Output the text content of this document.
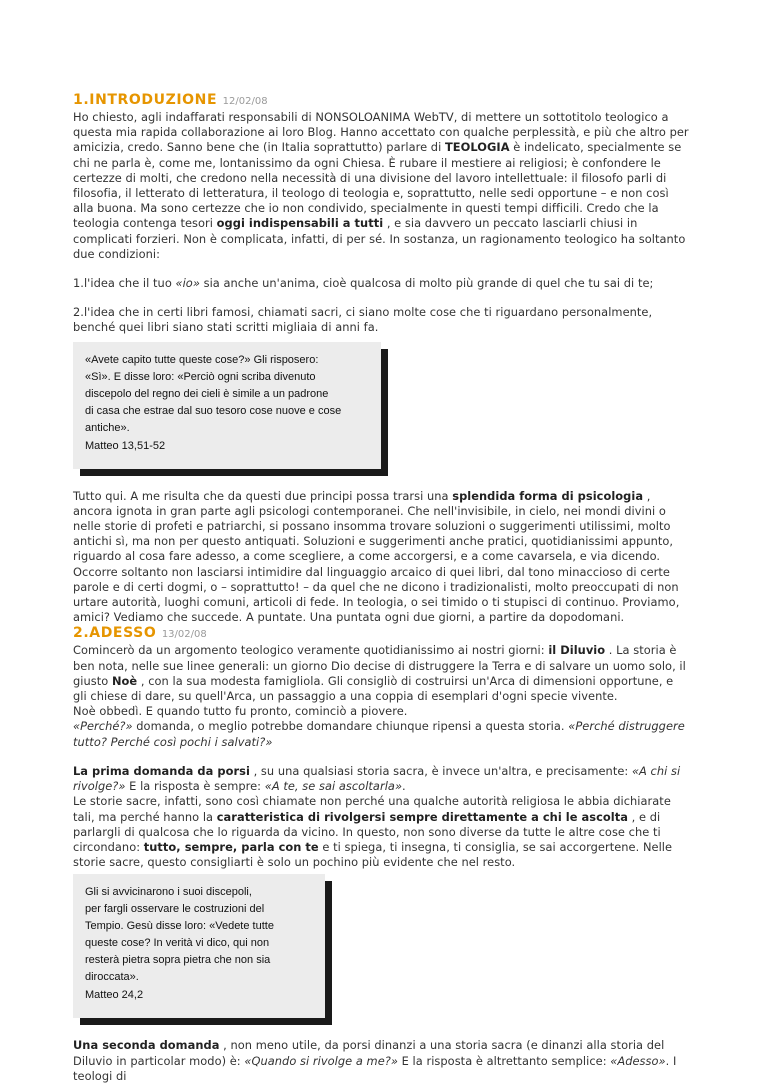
1.INTRODUZIONE 12/02/08

Ho chiesto, agli indaffarati responsabili di NONSOLOANIMA WebTV, di mettere un sottotitolo teologico a questa mia rapida collaborazione ai loro Blog. Hanno accettato con qualche perplessità, e più che altro per amicizia, credo. Sanno bene che (in Italia soprattutto) parlare di TEOLOGIA è indelicato, specialmente se chi ne parla è, come me, lontanissimo da ogni Chiesa. È rubare il mestiere ai religiosi; è confondere le certezze di molti, che credono nella necessità di una divisione del lavoro intellettuale: il filosofo parli di filosofia, il letterato di letteratura, il teologo di teologia e, soprattutto, nelle sedi opportune – e non così alla buona. Ma sono certezze che io non condivido, specialmente in questi tempi difficili. Credo che la teologia contenga tesori oggi indispensabili a tutti , e sia davvero un peccato lasciarli chiusi in complicati forzieri. Non è complicata, infatti, di per sé. In sostanza, un ragionamento teologico ha soltanto due condizioni:

1.l'idea che il tuo «io» sia anche un'anima, cioè qualcosa di molto più grande di quel che tu sai di te;

2.l'idea che in certi libri famosi, chiamati sacri, ci siano molte cose che ti riguardano personalmente, benché quei libri siano stati scritti migliaia di anni fa.

«Avete capito tutte queste cose?» Gli risposero:
«Sì». E disse loro: «Perciò ogni scriba divenuto
discepolo del regno dei cieli è simile a un padrone
di casa che estrae dal suo tesoro cose nuove e cose
antiche».
Matteo 13,51-52

Tutto qui. A me risulta che da questi due principi possa trarsi una splendida forma di psicologia , ancora ignota in gran parte agli psicologi contemporanei. Che nell'invisibile, in cielo, nei mondi divini o nelle storie di profeti e patriarchi, si possano insomma trovare soluzioni o suggerimenti utilissimi, molto antichi sì, ma non per questo antiquati. Soluzioni e suggerimenti anche pratici, quotidianissimi appunto, riguardo al cosa fare adesso, a come scegliere, a come accorgersi, e a come cavarsela, e via dicendo. Occorre soltanto non lasciarsi intimidire dal linguaggio arcaico di quei libri, dal tono minaccioso di certe parole e di certi dogmi, o – soprattutto! – da quel che ne dicono i tradizionalisti, molto preoccupati di non urtare autorità, luoghi comuni, articoli di fede. In teologia, o sei timido o ti stupisci di continuo. Proviamo, amici? Vediamo che succede. A puntate. Una puntata ogni due giorni, a partire da dopodomani.

2.ADESSO 13/02/08

Comincerò da un argomento teologico veramente quotidianissimo ai nostri giorni: il Diluvio . La storia è ben nota, nelle sue linee generali: un giorno Dio decise di distruggere la Terra e di salvare un uomo solo, il giusto Noè , con la sua modesta famigliola. Gli consigliò di costruirsi un'Arca di dimensioni opportune, e gli chiese di dare, su quell'Arca, un passaggio a una coppia di esemplari d'ogni specie vivente.

Noè obbedì. E quando tutto fu pronto, cominciò a piovere.

«Perché?» domanda, o meglio potrebbe domandare chiunque ripensi a questa storia. «Perché distruggere tutto? Perché così pochi i salvati?»

La prima domanda da porsi , su una qualsiasi storia sacra, è invece un'altra, e precisamente: «A chi si rivolge?» E la risposta è sempre: «A te, se sai ascoltarla».

Le storie sacre, infatti, sono così chiamate non perché una qualche autorità religiosa le abbia dichiarate tali, ma perché hanno la caratteristica di rivolgersi sempre direttamente a chi le ascolta , e di parlargli di qualcosa che lo riguarda da vicino. In questo, non sono diverse da tutte le altre cose che ti circondano: tutto, sempre, parla con te e ti spiega, ti insegna, ti consiglia, se sai accorgertene. Nelle storie sacre, questo consigliarti è solo un pochino più evidente che nel resto.

Gli si avvicinarono i suoi discepoli,
per fargli osservare le costruzioni del
Tempio. Gesù disse loro: «Vedete tutte
queste cose? In verità vi dico, qui non
resterà pietra sopra pietra che non sia
diroccata».
Matteo 24,2

Una seconda domanda , non meno utile, da porsi dinanzi a una storia sacra (e dinanzi alla storia del Diluvio in particolar modo) è: «Quando si rivolge a me?» E la risposta è altrettanto semplice: «Adesso». I teologi di
